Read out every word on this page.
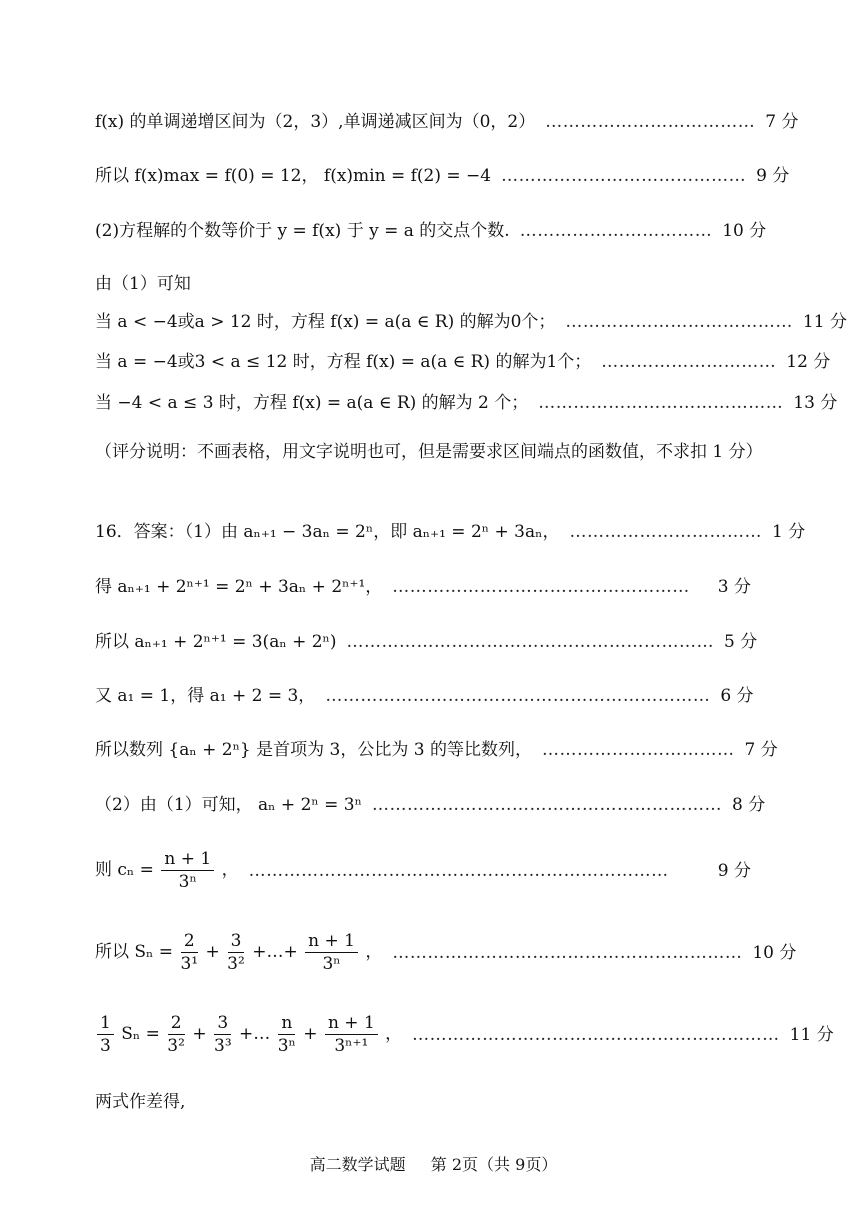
f(x) 的单调递增区间为（2，3）,单调递减区间为（0，2） ……………………………… 7 分
所以 f(x)max = f(0) = 12， f(x)min = f(2) = −4 …………………………………… 9 分
(2)方程解的个数等价于 y = f(x) 于 y = a 的交点个数. …………………………… 10 分
由（1）可知
当 a < −4或a > 12 时，方程 f(x) = a(a ∈ R) 的解为0个； ………………………………… 11 分
当 a = −4或3 < a ≤ 12 时，方程 f(x) = a(a ∈ R) 的解为1个； ………………………… 12 分
当 −4 < a ≤ 3 时，方程 f(x) = a(a ∈ R) 的解为 2 个； …………………………………… 13 分
（评分说明：不画表格，用文字说明也可，但是需要求区间端点的函数值，不求扣 1 分）
16．答案：（1）由 aₙ₊₁ − 3aₙ = 2ⁿ，即 aₙ₊₁ = 2ⁿ + 3aₙ， …………………………… 1 分
得 aₙ₊₁ + 2ⁿ⁺¹ = 2ⁿ + 3aₙ + 2ⁿ⁺¹， ……………………………………………	3 分
所以 aₙ₊₁ + 2ⁿ⁺¹ = 3(aₙ + 2ⁿ) ……………………………………………………… 5 分
又 a₁ = 1，得 a₁ + 2 = 3， ………………………………………………………… 6 分
所以数列 {aₙ + 2ⁿ} 是首项为 3，公比为 3 的等比数列， …………………………… 7 分
（2）由（1）可知， aₙ + 2ⁿ = 3ⁿ …………………………………………………… 8 分
则 $c_n = \frac{n + 1}{\text{3ⁿ}}$ ， ………………………………………………………………	9 分
所以 $S_n = \frac{2}{\text{3¹}} + \frac{3}{\text{3²}}$ +…+ $\frac{n + 1}{\text{3ⁿ}}$ ， …………………………………………………… 10 分
$\frac{1}{3}$ $S_n = \frac{2}{\text{3²}} + \frac{3}{\text{3³}}$ +… $\frac{n}{\text{3ⁿ}} + \frac{n + 1}{\text{3ⁿ⁺¹}}$ ， ……………………………………………………… 11 分
两式作差得,
高二数学试题 第 2页（共 9页）
